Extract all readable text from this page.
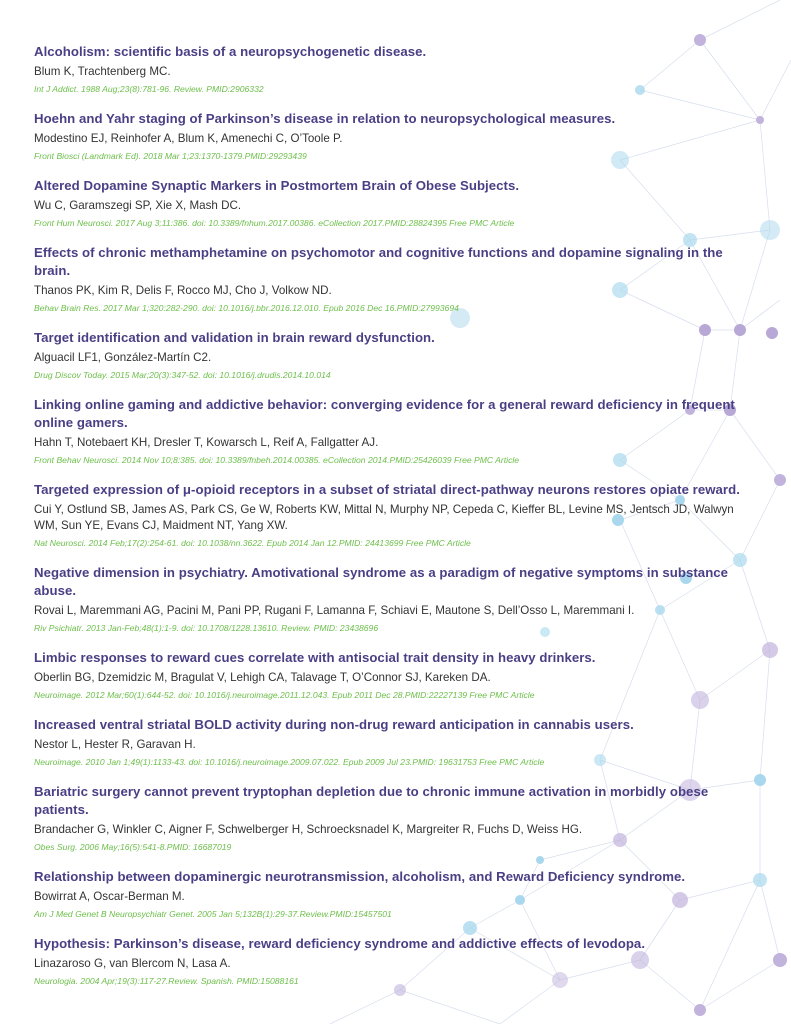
Alcoholism: scientific basis of a neuropsychogenetic disease.
Blum K, Trachtenberg MC.
Int J Addict. 1988 Aug;23(8):781-96. Review. PMID:2906332
Hoehn and Yahr staging of Parkinson’s disease in relation to neuropsychological measures.
Modestino EJ, Reinhofer A, Blum K, Amenechi C, O’Toole P.
Front Biosci (Landmark Ed). 2018 Mar 1;23:1370-1379.PMID:29293439
Altered Dopamine Synaptic Markers in Postmortem Brain of Obese Subjects.
Wu C, Garamszegi SP, Xie X, Mash DC.
Front Hum Neurosci. 2017 Aug 3;11:386. doi: 10.3389/fnhum.2017.00386. eCollection 2017.PMID:28824395 Free PMC Article
Effects of chronic methamphetamine on psychomotor and cognitive functions and dopamine signaling in the brain.
Thanos PK, Kim R, Delis F, Rocco MJ, Cho J, Volkow ND.
Behav Brain Res. 2017 Mar 1;320:282-290. doi: 10.1016/j.bbr.2016.12.010. Epub 2016 Dec 16.PMID:27993694
Target identification and validation in brain reward dysfunction.
Alguacil LF1, González-Martín C2.
Drug Discov Today. 2015 Mar;20(3):347-52. doi: 10.1016/j.drudis.2014.10.014
Linking online gaming and addictive behavior: converging evidence for a general reward deficiency in frequent online gamers.
Hahn T, Notebaert KH, Dresler T, Kowarsch L, Reif A, Fallgatter AJ.
Front Behav Neurosci. 2014 Nov 10;8:385. doi: 10.3389/fnbeh.2014.00385. eCollection 2014.PMID:25426039 Free PMC Article
Targeted expression of μ-opioid receptors in a subset of striatal direct-pathway neurons restores opiate reward.
Cui Y, Ostlund SB, James AS, Park CS, Ge W, Roberts KW, Mittal N, Murphy NP, Cepeda C, Kieffer BL, Levine MS, Jentsch JD, Walwyn WM, Sun YE, Evans CJ, Maidment NT, Yang XW.
Nat Neurosci. 2014 Feb;17(2):254-61. doi: 10.1038/nn.3622. Epub 2014 Jan 12.PMID: 24413699 Free PMC Article
Negative dimension in psychiatry. Amotivational syndrome as a paradigm of negative symptoms in substance abuse.
Rovai L, Maremmani AG, Pacini M, Pani PP, Rugani F, Lamanna F, Schiavi E, Mautone S, Dell’Osso L, Maremmani I.
Riv Psichiatr. 2013 Jan-Feb;48(1):1-9. doi: 10.1708/1228.13610. Review. PMID: 23438696
Limbic responses to reward cues correlate with antisocial trait density in heavy drinkers.
Oberlin BG, Dzemidzic M, Bragulat V, Lehigh CA, Talavage T, O’Connor SJ, Kareken DA.
Neuroimage. 2012 Mar;60(1):644-52. doi: 10.1016/j.neuroimage.2011.12.043. Epub 2011 Dec 28.PMID:22227139 Free PMC Article
Increased ventral striatal BOLD activity during non-drug reward anticipation in cannabis users.
Nestor L, Hester R, Garavan H.
Neuroimage. 2010 Jan 1;49(1):1133-43. doi: 10.1016/j.neuroimage.2009.07.022. Epub 2009 Jul 23.PMID: 19631753 Free PMC Article
Bariatric surgery cannot prevent tryptophan depletion due to chronic immune activation in morbidly obese patients.
Brandacher G, Winkler C, Aigner F, Schwelberger H, Schroecksnadel K, Margreiter R, Fuchs D, Weiss HG.
Obes Surg. 2006 May;16(5):541-8.PMID: 16687019
Relationship between dopaminergic neurotransmission, alcoholism, and Reward Deficiency syndrome.
Bowirrat A, Oscar-Berman M.
Am J Med Genet B Neuropsychiatr Genet. 2005 Jan 5;132B(1):29-37.Review.PMID:15457501
Hypothesis: Parkinson’s disease, reward deficiency syndrome and addictive effects of levodopa.
Linazaroso G, van Blercom N, Lasa A.
Neurologia. 2004 Apr;19(3):117-27.Review. Spanish. PMID:15088161
